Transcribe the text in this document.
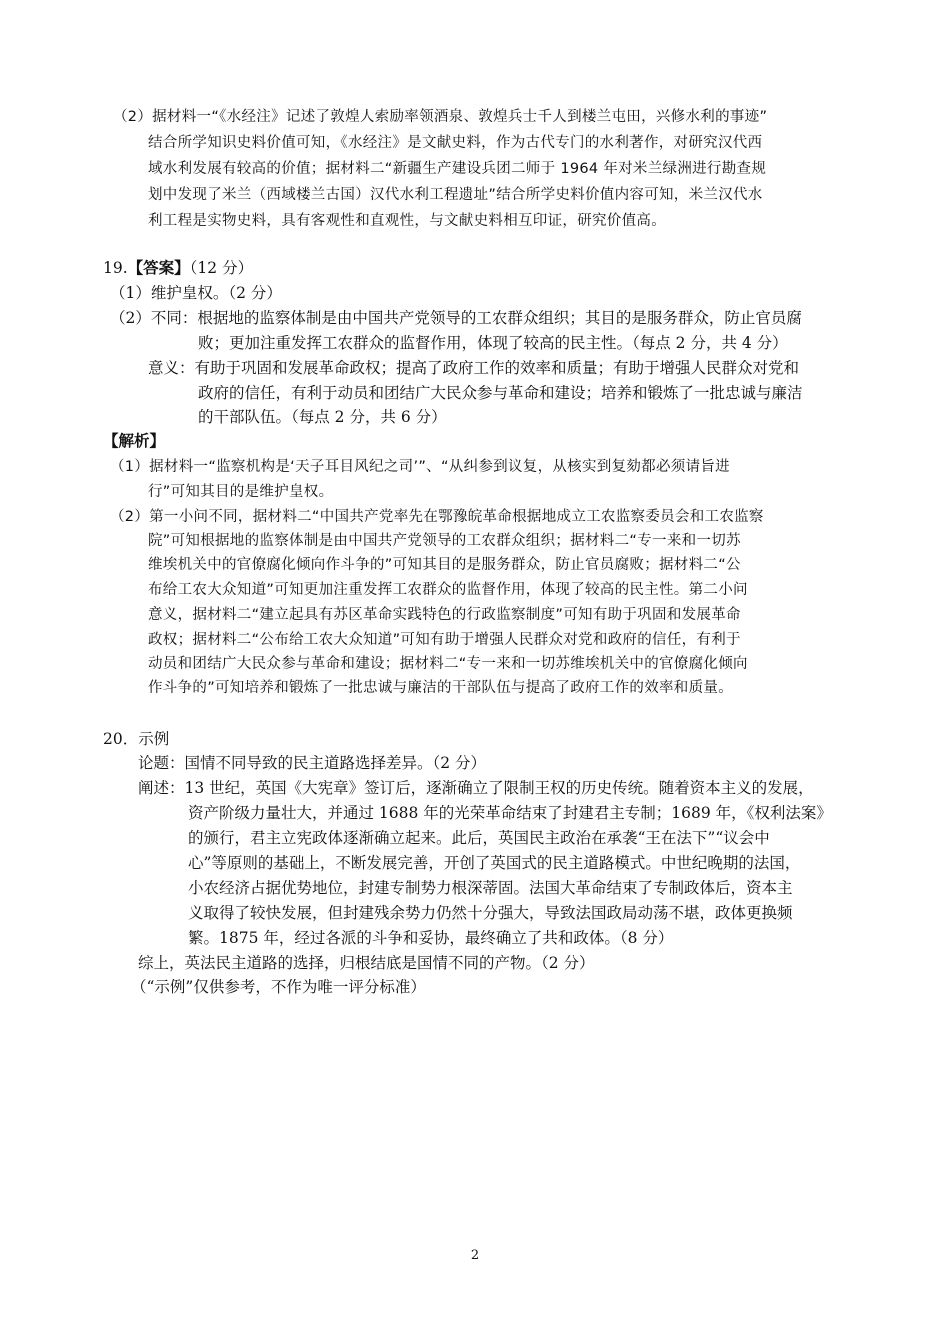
（2）据材料一“《水经注》记述了敦煌人索励率领酒泉、敦煌兵士千人到楼兰屯田，兴修水利的事迹”
结合所学知识史料价值可知，《水经注》是文献史料，作为古代专门的水利著作，对研究汉代西
域水利发展有较高的价值；据材料二“新疆生产建设兵团二师于 1964 年对米兰绿洲进行勘查规
划中发现了米兰（西域楼兰古国）汉代水利工程遗址”结合所学史料价值内容可知，米兰汉代水
利工程是实物史料，具有客观性和直观性，与文献史料相互印证，研究价值高。
19.【答案】（12 分）
（1）维护皇权。（2 分）
（2）不同：根据地的监察体制是由中国共产党领导的工农群众组织；其目的是服务群众，防止官员腐
败；更加注重发挥工农群众的监督作用，体现了较高的民主性。（每点 2 分，共 4 分）
意义：有助于巩固和发展革命政权；提高了政府工作的效率和质量；有助于增强人民群众对党和
政府的信任，有利于动员和团结广大民众参与革命和建设；培养和锻炼了一批忠诚与廉洁
的干部队伍。（每点 2 分，共 6 分）
【解析】
（1）据材料一“监察机构是‘天子耳目风纪之司’”、“从纠参到议复，从核实到复劾都必须请旨进
行”可知其目的是维护皇权。
（2）第一小问不同，据材料二“中国共产党率先在鄂豫皖革命根据地成立工农监察委员会和工农监察
院”可知根据地的监察体制是由中国共产党领导的工农群众组织；据材料二“专一来和一切苏
维埃机关中的官僚腐化倾向作斗争的”可知其目的是服务群众，防止官员腐败；据材料二“公
布给工农大众知道”可知更加注重发挥工农群众的监督作用，体现了较高的民主性。第二小问
意义，据材料二“建立起具有苏区革命实践特色的行政监察制度”可知有助于巩固和发展革命
政权；据材料二“公布给工农大众知道”可知有助于增强人民群众对党和政府的信任，有利于
动员和团结广大民众参与革命和建设；据材料二“专一来和一切苏维埃机关中的官僚腐化倾向
作斗争的”可知培养和锻炼了一批忠诚与廉洁的干部队伍与提高了政府工作的效率和质量。
20．示例
论题：国情不同导致的民主道路选择差异。（2 分）
阐述：13 世纪，英国《大宪章》签订后，逐渐确立了限制王权的历史传统。随着资本主义的发展，
资产阶级力量壮大，并通过 1688 年的光荣革命结束了封建君主专制；1689 年，《权利法案》
的颁行，君主立宪政体逐渐确立起来。此后，英国民主政治在承袭“王在法下”“议会中
心”等原则的基础上，不断发展完善，开创了英国式的民主道路模式。中世纪晚期的法国，
小农经济占据优势地位，封建专制势力根深蒂固。法国大革命结束了专制政体后，资本主
义取得了较快发展，但封建残余势力仍然十分强大，导致法国政局动荡不堪，政体更换频
繁。1875 年，经过各派的斗争和妥协，最终确立了共和政体。（8 分）
综上，英法民主道路的选择，归根结底是国情不同的产物。（2 分）
（“示例”仅供参考，不作为唯一评分标准）
2
